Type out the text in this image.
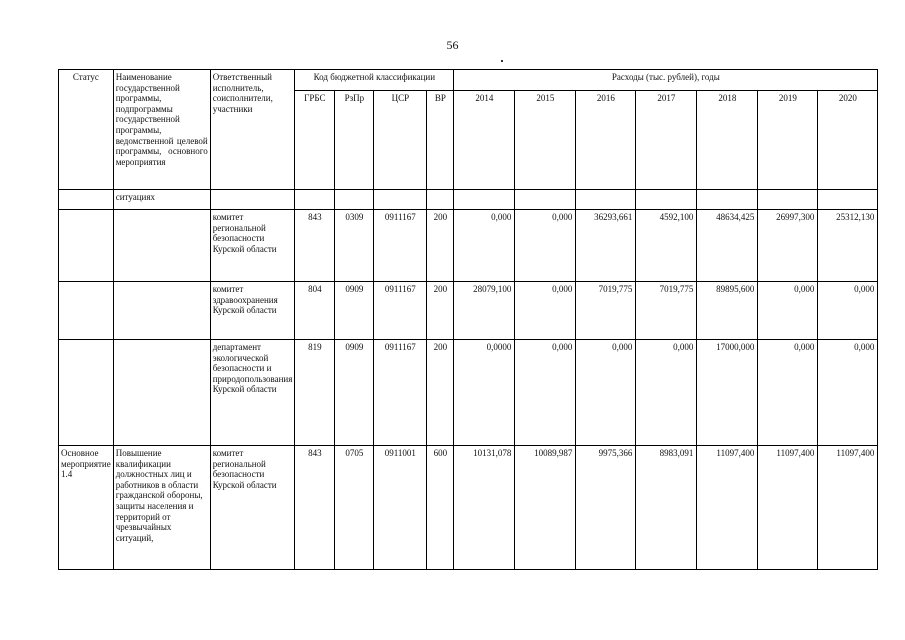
56
Статус	Наименование государственной программы, подпрограммы государственной программы, ведомственной целевой программы, основного мероприятия	Ответственный исполнитель, соисполнители, участники	Код бюджетной классификации				Расходы (тыс. рублей), годы						
			ГРБС	РзПр	ЦСР	ВР	2014	2015	2016	2017	2018	2019	2020
	ситуациях												
		комитет региональной безопасности Курской области	843	0309	0911167	200	0,000	0,000	36293,661	4592,100	48634,425	26997,300	25312,130
		комитет здравоохранения Курской области	804	0909	0911167	200	28079,100	0,000	7019,775	7019,775	89895,600	0,000	0,000
		департамент экологической безопасности и природопользования Курской области	819	0909	0911167	200	0,0000	0,000	0,000	0,000	17000,000	0,000	0,000
Основное мероприятие 1.4	Повышение квалификации должностных лиц и работников в области гражданской обороны, защиты населения и территорий от чрезвычайных ситуаций,	комитет региональной безопасности Курской области	843	0705	0911001	600	10131,078	10089,987	9975,366	8983,091	11097,400	11097,400	11097,400
